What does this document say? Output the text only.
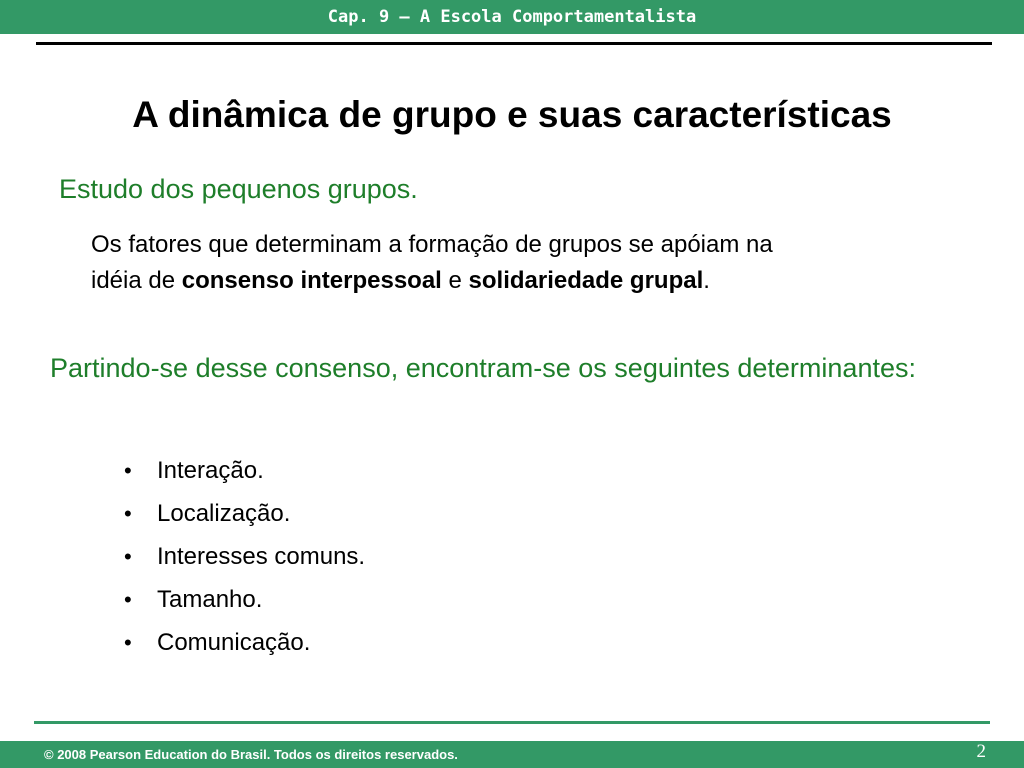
Cap. 9 – A Escola Comportamentalista
A dinâmica de grupo e suas características
Estudo dos pequenos grupos.
Os fatores que determinam a formação de grupos se apóiam na
idéia de consenso interpessoal e solidariedade grupal.
Partindo-se desse consenso, encontram-se os seguintes determinantes:
•	Interação.
•	Localização.
•	Interesses comuns.
•	Tamanho.
•	Comunicação.
© 2008 Pearson Education do Brasil. Todos os direitos reservados.	2
